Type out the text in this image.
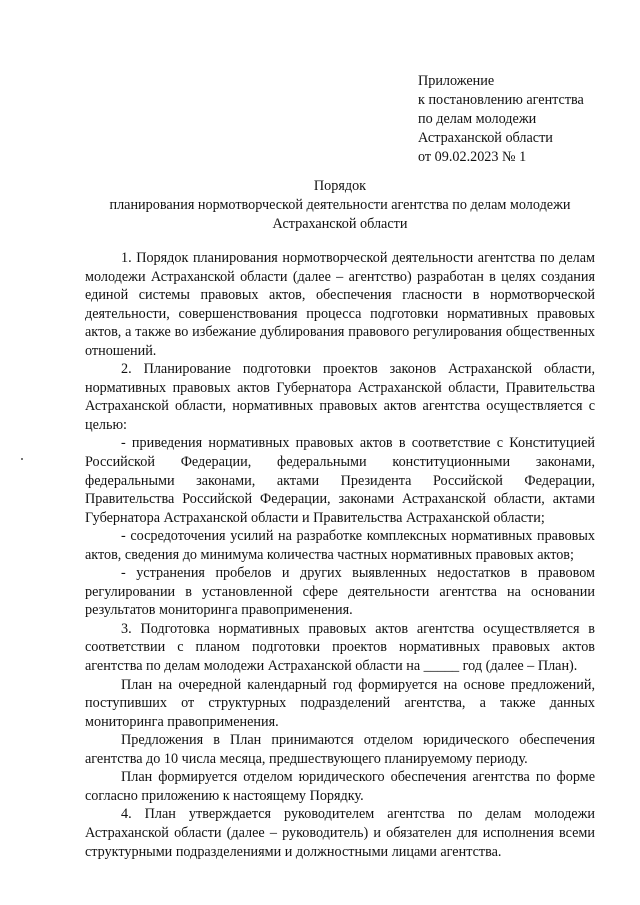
Приложение
к постановлению агентства
по делам молодежи
Астраханской области
от 09.02.2023 № 1
Порядок
планирования нормотворческой деятельности агентства по делам молодежи
Астраханской области

1. Порядок планирования нормотворческой деятельности агентства по делам молодежи Астраханской области (далее – агентство) разработан в целях создания единой системы правовых актов, обеспечения гласности в нормотворческой деятельности, совершенствования процесса подготовки нормативных правовых актов, а также во избежание дублирования правового регулирования общественных отношений.

2. Планирование подготовки проектов законов Астраханской области, нормативных правовых актов Губернатора Астраханской области, Правительства Астраханской области, нормативных правовых актов агентства осуществляется с целью:

- приведения нормативных правовых актов в соответствие с Конституцией Российской Федерации, федеральными конституционными законами, федеральными законами, актами Президента Российской Федерации, Правительства Российской Федерации, законами Астраханской области, актами Губернатора Астраханской области и Правительства Астраханской области;

- сосредоточения усилий на разработке комплексных нормативных правовых актов, сведения до минимума количества частных нормативных правовых актов;

- устранения пробелов и других выявленных недостатков в правовом регулировании в установленной сфере деятельности агентства на основании результатов мониторинга правоприменения.

3. Подготовка нормативных правовых актов агентства осуществляется в соответствии с планом подготовки проектов нормативных правовых актов агентства по делам молодежи Астраханской области на _____ год (далее – План).

План на очередной календарный год формируется на основе предложений, поступивших от структурных подразделений агентства, а также данных мониторинга правоприменения.

Предложения в План принимаются отделом юридического обеспечения агентства до 10 числа месяца, предшествующего планируемому периоду.

План формируется отделом юридического обеспечения агентства по форме согласно приложению к настоящему Порядку.

4. План утверждается руководителем агентства по делам молодежи Астраханской области (далее – руководитель) и обязателен для исполнения всеми структурными подразделениями и должностными лицами агентства.
